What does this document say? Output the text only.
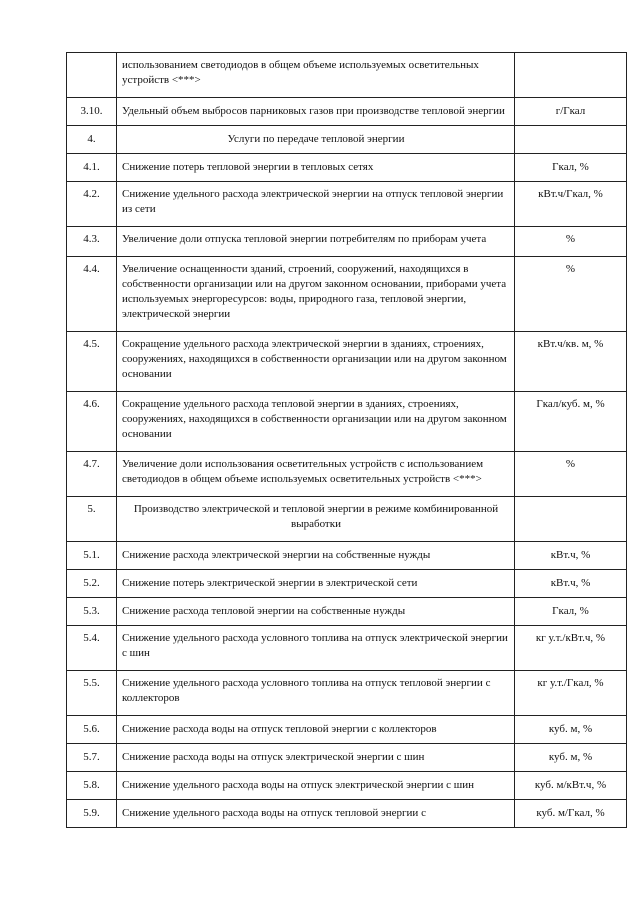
	использованием светодиодов в общем объеме используемых осветительных устройств <***>	
3.10.	Удельный объем выбросов парниковых газов при производстве тепловой энергии	г/Гкал
4.	Услуги по передаче тепловой энергии	
4.1.	Снижение потерь тепловой энергии в тепловых сетях	Гкал, %
4.2.	Снижение удельного расхода электрической энергии на отпуск тепловой энергии из сети	кВт.ч/Гкал, %
4.3.	Увеличение доли отпуска тепловой энергии потребителям по приборам учета	%
4.4.	Увеличение оснащенности зданий, строений, сооружений, находящихся в собственности организации или на другом законном основании, приборами учета используемых энергоресурсов: воды, природного газа, тепловой энергии, электрической энергии	%
4.5.	Сокращение удельного расхода электрической энергии в зданиях, строениях, сооружениях, находящихся в собственности организации или на другом законном основании	кВт.ч/кв. м, %
4.6.	Сокращение удельного расхода тепловой энергии в зданиях, строениях, сооружениях, находящихся в собственности организации или на другом законном основании	Гкал/куб. м, %
4.7.	Увеличение доли использования осветительных устройств с использованием светодиодов в общем объеме используемых осветительных устройств <***>	%
5.	Производство электрической и тепловой энергии в режиме комбинированной выработки	
5.1.	Снижение расхода электрической энергии на собственные нужды	кВт.ч, %
5.2.	Снижение потерь электрической энергии в электрической сети	кВт.ч, %
5.3.	Снижение расхода тепловой энергии на собственные нужды	Гкал, %
5.4.	Снижение удельного расхода условного топлива на отпуск электрической энергии с шин	кг у.т./кВт.ч, %
5.5.	Снижение удельного расхода условного топлива на отпуск тепловой энергии с коллекторов	кг у.т./Гкал, %
5.6.	Снижение расхода воды на отпуск тепловой энергии с коллекторов	куб. м, %
5.7.	Снижение расхода воды на отпуск электрической энергии с шин	куб. м, %
5.8.	Снижение удельного расхода воды на отпуск электрической энергии с шин	куб. м/кВт.ч, %
5.9.	Снижение удельного расхода воды на отпуск тепловой энергии с	куб. м/Гкал, %
